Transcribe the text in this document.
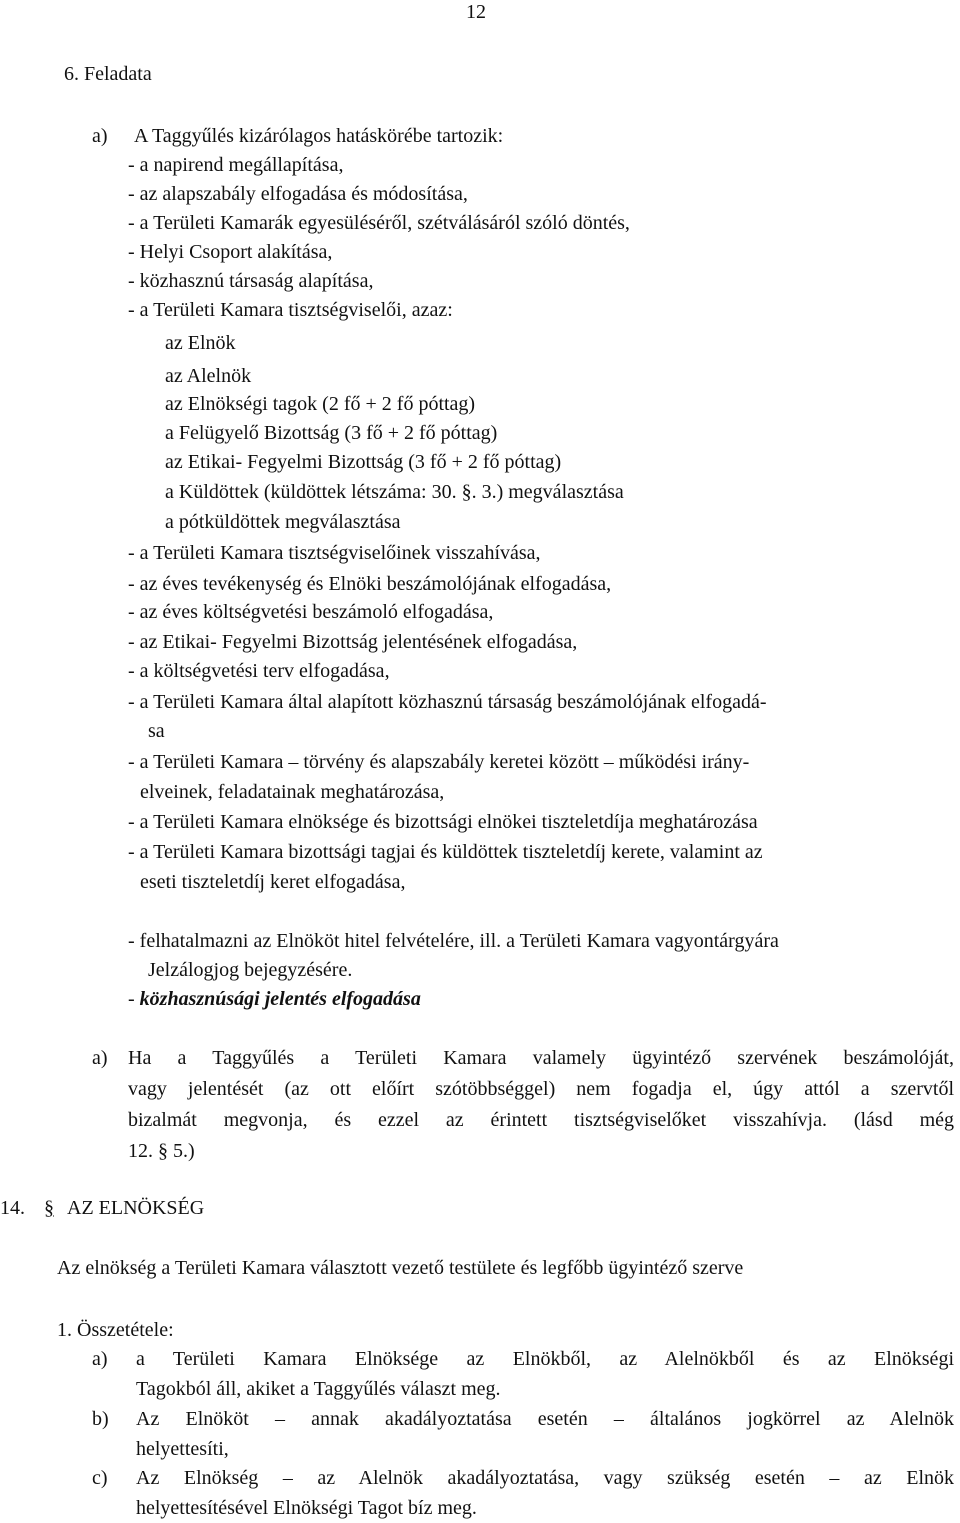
12
6. Feladata
a) A Taggyűlés kizárólagos hatáskörébe tartozik:
- a napirend megállapítása,
- az alapszabály elfogadása és módosítása,
- a Területi Kamarák egyesüléséről, szétválásáról szóló döntés,
- Helyi Csoport alakítása,
- közhasznú társaság alapítása,
- a Területi Kamara tisztségviselői, azaz:
az Elnök
az Alelnök
az Elnökségi tagok (2 fő + 2 fő póttag)
a Felügyelő Bizottság (3 fő + 2 fő póttag)
az Etikai- Fegyelmi Bizottság (3 fő + 2 fő póttag)
a Küldöttek (küldöttek létszáma: 30. §. 3.) megválasztása
a pótküldöttek megválasztása
- a Területi Kamara tisztségviselőinek visszahívása,
- az éves tevékenység és Elnöki beszámolójának elfogadása,
- az éves költségvetési beszámoló elfogadása,
- az Etikai- Fegyelmi Bizottság jelentésének elfogadása,
- a költségvetési terv elfogadása,
- a Területi Kamara által alapított közhasznú társaság beszámolójának elfogadá-
sa
- a Területi Kamara – törvény és alapszabály keretei között – működési irány-
elveinek, feladatainak meghatározása,
- a Területi Kamara elnöksége és bizottsági elnökei tiszteletdíja meghatározása
- a Területi Kamara bizottsági tagjai és küldöttek tiszteletdíj kerete, valamint az
eseti tiszteletdíj keret elfogadása,
- felhatalmazni az Elnököt hitel felvételére, ill. a Területi Kamara vagyontárgyára
Jelzálogjog bejegyzésére.
- közhasznúsági jelentés elfogadása
a) Ha a Taggyűlés a Területi Kamara valamely ügyintéző szervének beszámolóját,
vagy jelentését (az ott előírt szótöbbséggel) nem fogadja el, úgy attól a szervtől
bizalmát megvonja, és ezzel az érintett tisztségviselőket visszahívja. (lásd még
12. § 5.)
14. § AZ ELNÖKSÉG
Az elnökség a Területi Kamara választott vezető testülete és legfőbb ügyintéző szerve
1. Összetétele:
a) a Területi Kamara Elnöksége az Elnökből, az Alelnökből és az Elnökségi
Tagokból áll, akiket a Taggyűlés választ meg.
b) Az Elnököt – annak akadályoztatása esetén – általános jogkörrel az Alelnök
helyettesíti,
c) Az Elnökség – az Alelnök akadályoztatása, vagy szükség esetén – az Elnök
helyettesítésével Elnökségi Tagot bíz meg.
